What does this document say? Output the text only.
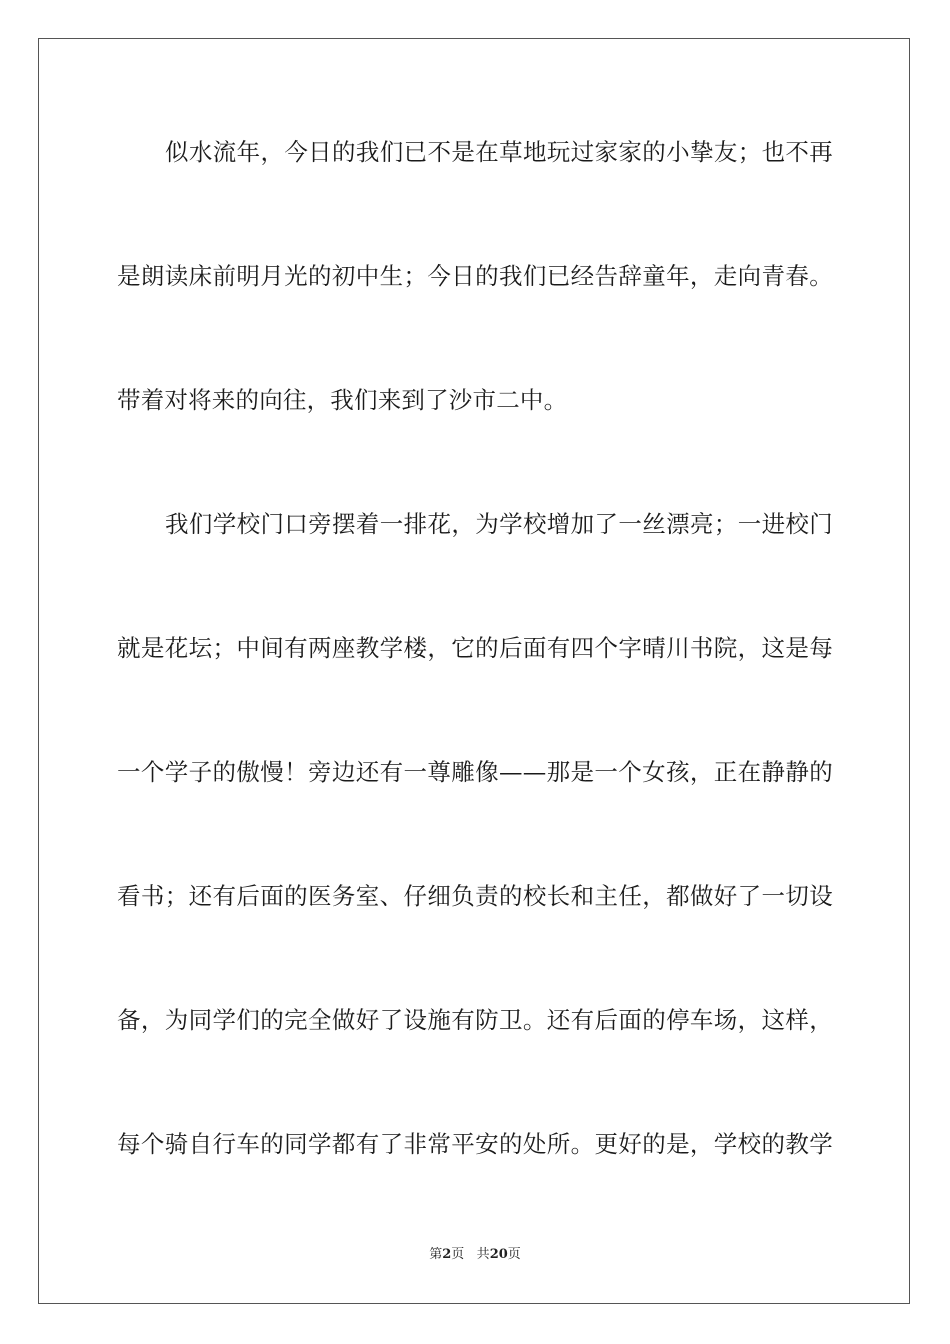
似水流年，今日的我们已不是在草地玩过家家的小挚友；也不再
是朗读床前明月光的初中生；今日的我们已经告辞童年，走向青春。
带着对将来的向往，我们来到了沙市二中。
我们学校门口旁摆着一排花，为学校增加了一丝漂亮；一进校门
就是花坛；中间有两座教学楼，它的后面有四个字晴川书院，这是每
一个学子的傲慢！旁边还有一尊雕像——那是一个女孩，正在静静的
看书；还有后面的医务室、仔细负责的校长和主任，都做好了一切设
备，为同学们的完全做好了设施有防卫。还有后面的停车场，这样，
每个骑自行车的同学都有了非常平安的处所。更好的是，学校的教学
第2页 共20页
